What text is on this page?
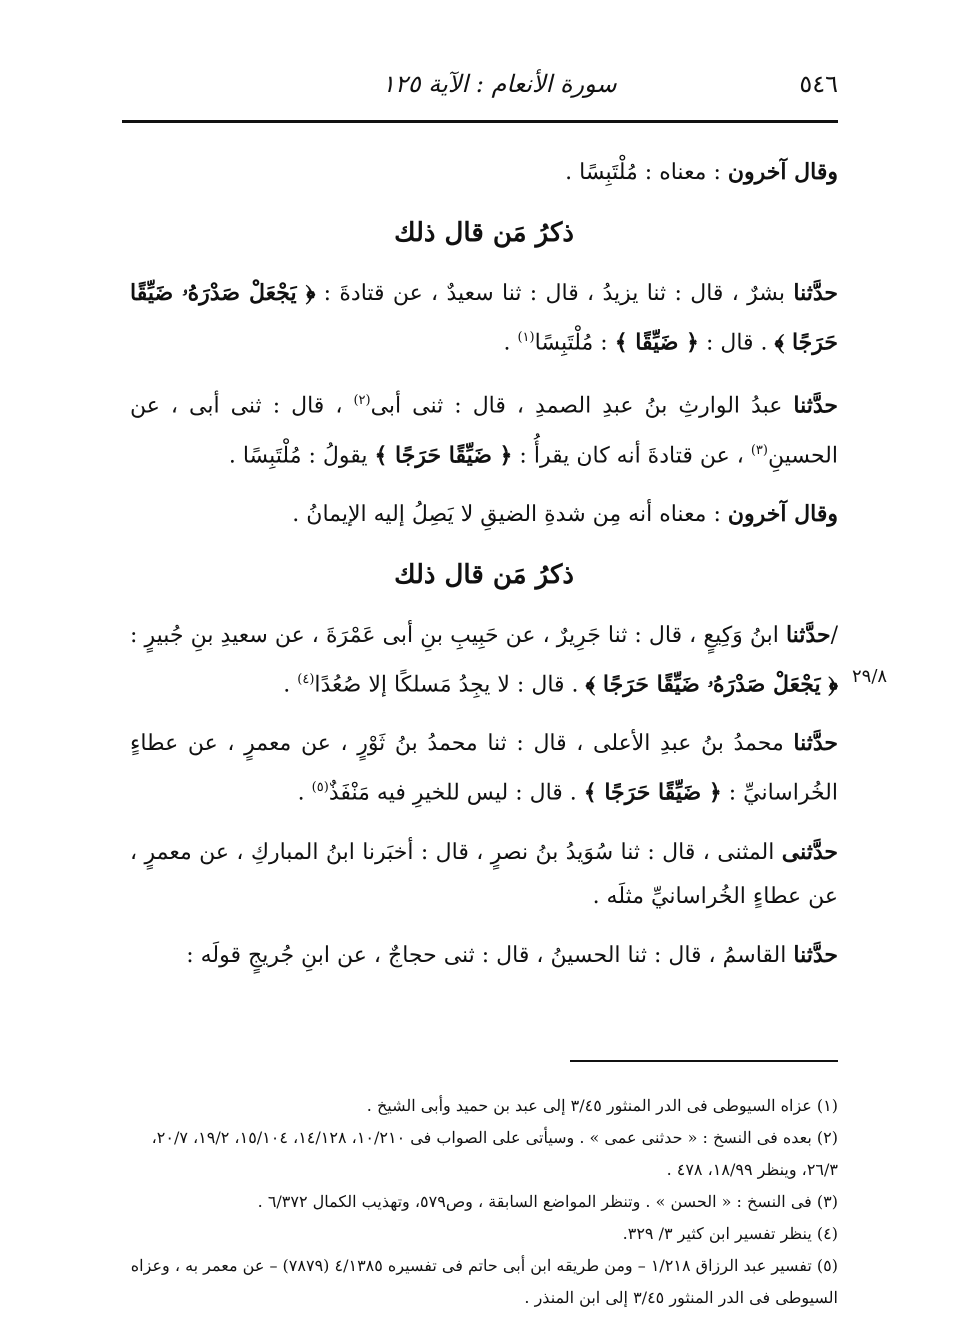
٥٤٦
سورة الأنعام : الآية ١٢٥
٢٩/٨

وقال آخرون : معناه : مُلْتَبِسًا .

ذكرُ مَن قال ذلك

حدَّثنا بشرٌ ، قال : ثنا يزيدُ ، قال : ثنا سعيدٌ ، عن قتادةَ : ﴿ يَجْعَلْ صَدْرَهُۥ ضَيِّقًا حَرَجًا ﴾ . قال : ﴿ ضَيِّقًا ﴾ : مُلْتَبِسًا$^{(١)}$ .

حدَّثنا عبدُ الوارثِ بنُ عبدِ الصمدِ ، قال : ثنى أبى$^{(٢)}$ ، قال : ثنى أبى ، عن الحسينِ$^{(٣)}$ ، عن قتادةَ أنه كان يقرأُ : ﴿ ضَيِّقًا حَرَجًا ﴾ يقولُ : مُلْتَبِسًا .

وقال آخرون : معناه أنه مِن شدةِ الضيقِ لا يَصِلُ إليه الإيمانُ .

ذكرُ مَن قال ذلك

/حدَّثنا ابنُ وَكِيعٍ ، قال : ثنا جَرِيرٌ ، عن حَبِيبِ بنِ أبى عَمْرَةَ ، عن سعيدِ بنِ جُبيرٍ : ﴿ يَجْعَلْ صَدْرَهُۥ ضَيِّقًا حَرَجًا ﴾ . قال : لا يجِدُ مَسلكًا إلا صُعُدًا$^{(٤)}$ .

حدَّثنا محمدُ بنُ عبدِ الأعلى ، قال : ثنا محمدُ بنُ ثَوْرٍ ، عن معمرٍ ، عن عطاءٍ الخُراسانيِّ : ﴿ ضَيِّقًا حَرَجًا ﴾ . قال : ليس للخيرِ فيه مَنْفَذٌ$^{(٥)}$ .

حدَّثنى المثنى ، قال : ثنا سُوَيدُ بنُ نصرٍ ، قال : أخبَرنا ابنُ المباركِ ، عن معمرٍ ، عن عطاءٍ الخُراسانيِّ مثلَه .

حدَّثنا القاسمُ ، قال : ثنا الحسينُ ، قال : ثنى حجاجٌ ، عن ابنِ جُريجٍ قولَه :

(١) عزاه السيوطى فى الدر المنثور ٣/٤٥ إلى عبد بن حميد وأبى الشيخ .

(٢) بعده فى النسخ : « حدثنى عمى » . وسيأتى على الصواب فى ١٠/٢١٠، ١٤/١٢٨، ١٥/١٠٤، ١٩/٢، ٢٠/٧، ٢٦/٣، وينظر ١٨/٩٩، ٤٧٨ .

(٣) فى النسخ : « الحسن » . وتنظر المواضع السابقة ، وص٥٧٩، وتهذيب الكمال ٦/٣٧٢ .

(٤) ينظر تفسير ابن كثير ٣/ ٣٢٩.

(٥) تفسير عبد الرزاق ١/٢١٨ – ومن طريقه ابن أبى حاتم فى تفسيره ٤/١٣٨٥ (٧٨٧٩) – عن معمر به ، وعزاه السيوطى فى الدر المنثور ٣/٤٥ إلى ابن المنذر .
